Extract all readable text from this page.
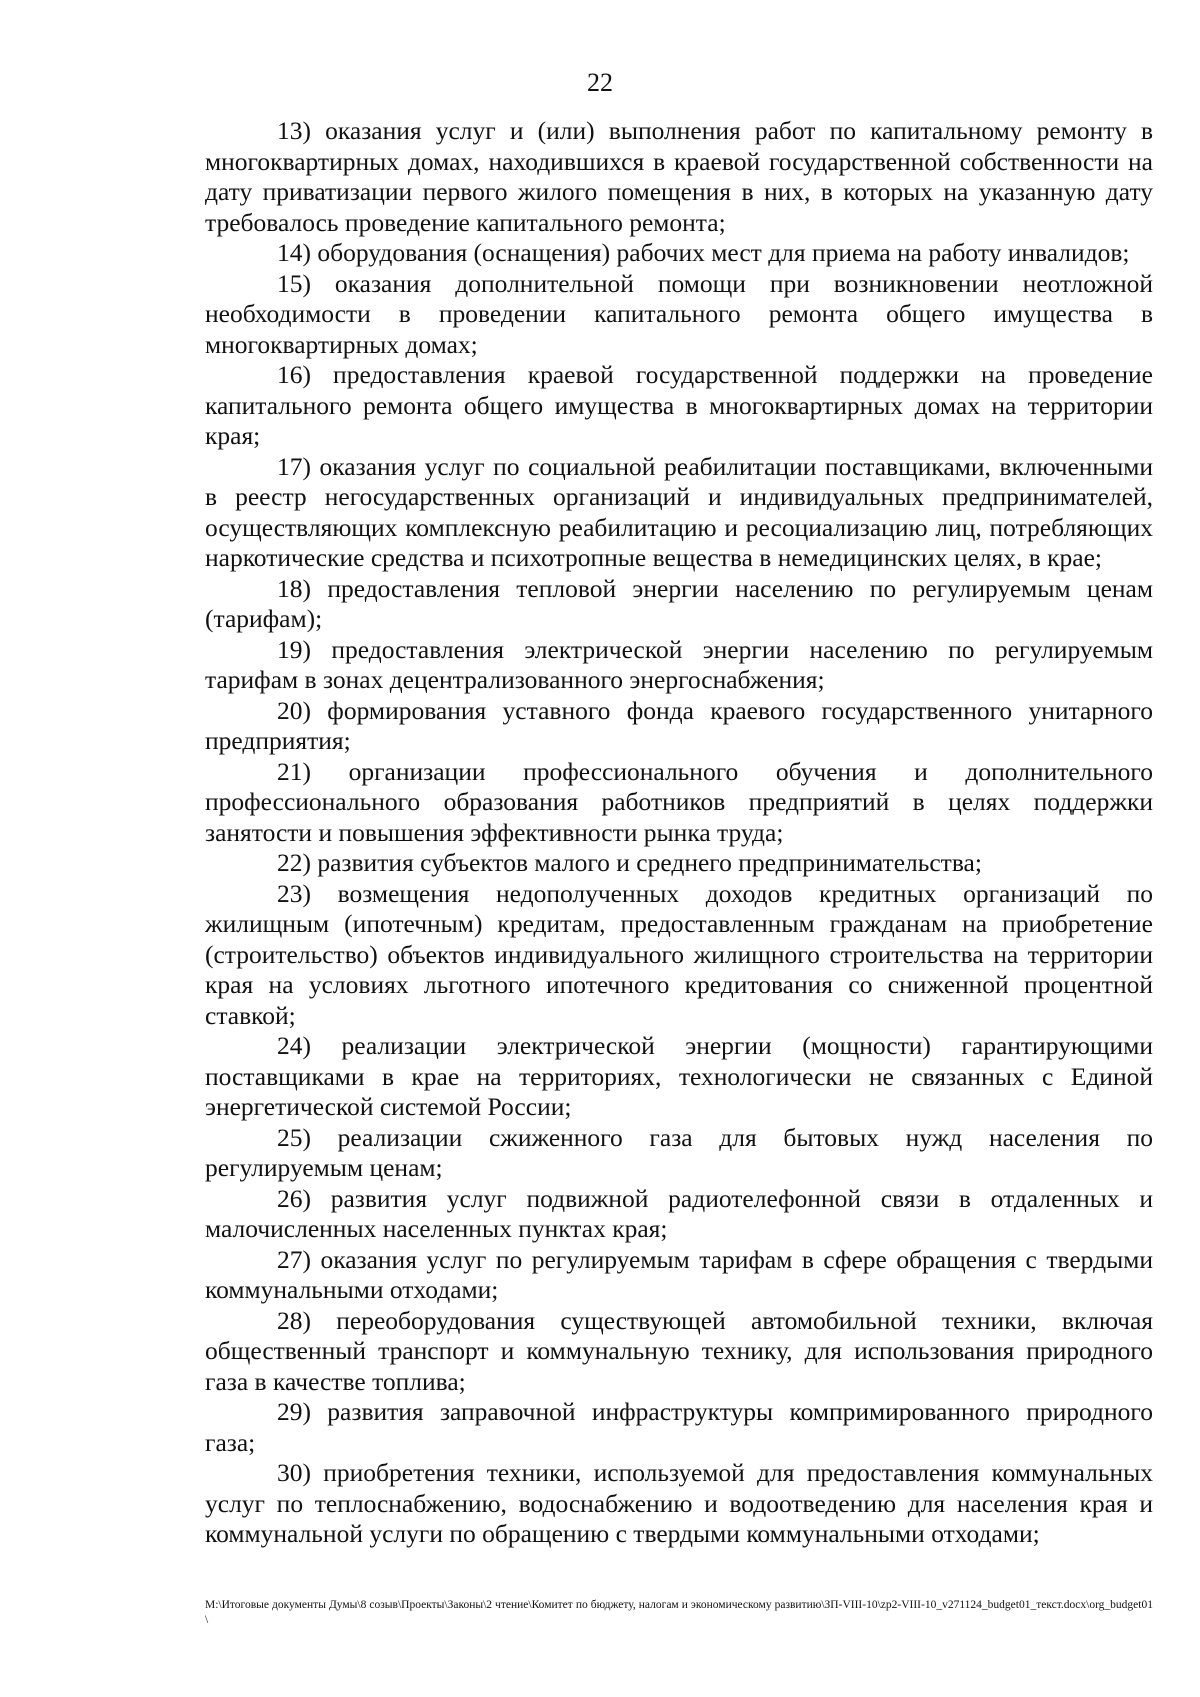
22

13) оказания услуг и (или) выполнения работ по капитальному ремонту в многоквартирных домах, находившихся в краевой государственной собственности на дату приватизации первого жилого помещения в них, в которых на указанную дату требовалось проведение капитального ремонта;

14) оборудования (оснащения) рабочих мест для приема на работу инвалидов;

15) оказания дополнительной помощи при возникновении неотложной необходимости в проведении капитального ремонта общего имущества в многоквартирных домах;

16) предоставления краевой государственной поддержки на проведение капитального ремонта общего имущества в многоквартирных домах на территории края;

17) оказания услуг по социальной реабилитации поставщиками, включенными в реестр негосударственных организаций и индивидуальных предпринимателей, осуществляющих комплексную реабилитацию и ресоциализацию лиц, потребляющих наркотические средства и психотропные вещества в немедицинских целях, в крае;

18) предоставления тепловой энергии населению по регулируемым ценам (тарифам);

19) предоставления электрической энергии населению по регулируемым тарифам в зонах децентрализованного энергоснабжения;

20) формирования уставного фонда краевого государственного унитарного предприятия;

21) организации профессионального обучения и дополнительного профессионального образования работников предприятий в целях поддержки занятости и повышения эффективности рынка труда;

22) развития субъектов малого и среднего предпринимательства;

23) возмещения недополученных доходов кредитных организаций по жилищным (ипотечным) кредитам, предоставленным гражданам на приобретение (строительство) объектов индивидуального жилищного строительства на территории края на условиях льготного ипотечного кредитования со сниженной процентной ставкой;

24) реализации электрической энергии (мощности) гарантирующими поставщиками в крае на территориях, технологически не связанных с Единой энергетической системой России;

25) реализации сжиженного газа для бытовых нужд населения по регулируемым ценам;

26) развития услуг подвижной радиотелефонной связи в отдаленных и малочисленных населенных пунктах края;

27) оказания услуг по регулируемым тарифам в сфере обращения с твердыми коммунальными отходами;

28) переоборудования существующей автомобильной техники, включая общественный транспорт и коммунальную технику, для использования природного газа в качестве топлива;

29) развития заправочной инфраструктуры компримированного природного газа;

30) приобретения техники, используемой для предоставления коммунальных услуг по теплоснабжению, водоснабжению и водоотведению для населения края и коммунальной услуги по обращению с твердыми коммунальными отходами;

M:\Итоговые документы Думы\8 созыв\Проекты\Законы\2 чтение\Комитет по бюджету, налогам и экономическому развитию\ЗП-VIII-10\zp2-VIII-10_v271124_budget01_текст.docx\org_budget01\
